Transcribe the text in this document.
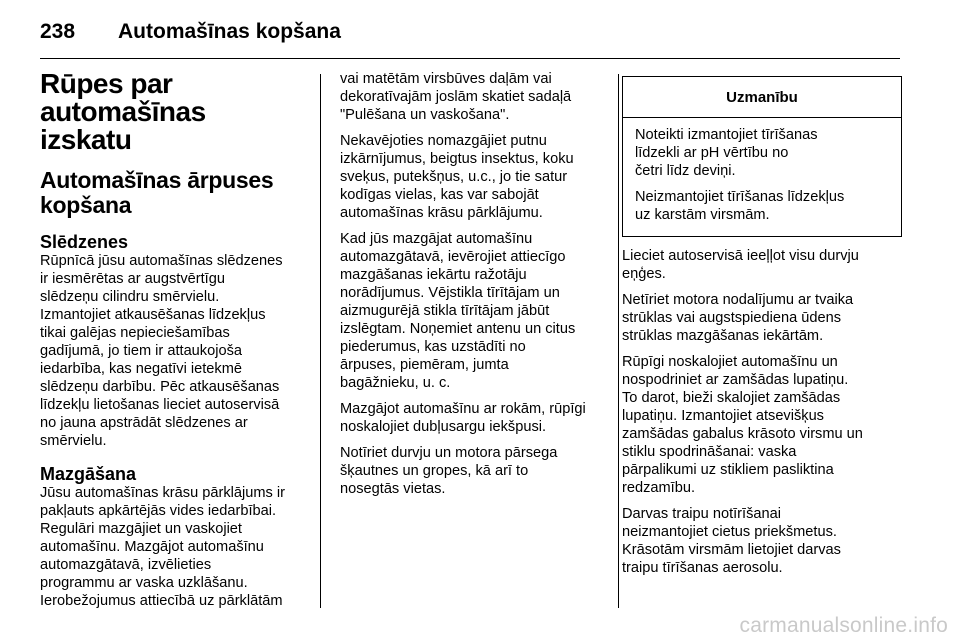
238	Automašīnas kopšana
Rūpes par automašīnas
izskatu
Automašīnas ārpuses
kopšana
Slēdzenes

Rūpnīcā jūsu automašīnas slēdzenes
ir iesmērētas ar augstvērtīgu
slēdzeņu cilindru smērvielu.
Izmantojiet atkausēšanas līdzekļus
tikai galējas nepieciešamības
gadījumā, jo tiem ir attaukojoša
iedarbība, kas negatīvi ietekmē
slēdzeņu darbību. Pēc atkausēšanas
līdzekļu lietošanas lieciet autoservisā
no jauna apstrādāt slēdzenes ar
smērvielu.

Mazgāšana

Jūsu automašīnas krāsu pārklājums ir
pakļauts apkārtējās vides iedarbībai.
Regulāri mazgājiet un vaskojiet
automašīnu. Mazgājot automašīnu
automazgātavā, izvēlieties
programmu ar vaska uzklāšanu.
Ierobežojumus attiecībā uz pārklātām

vai matētām virsbūves daļām vai
dekoratīvajām joslām skatiet sadaļā
"Pulēšana un vaskošana".

Nekavējoties nomazgājiet putnu
izkārnījumus, beigtus insektus, koku
sveķus, putekšņus, u.c., jo tie satur
kodīgas vielas, kas var sabojāt
automašīnas krāsu pārklājumu.

Kad jūs mazgājat automašīnu
automazgātavā, ievērojiet attiecīgo
mazgāšanas iekārtu ražotāju
norādījumus. Vējstikla tīrītājam un
aizmugurējā stikla tīrītājam jābūt
izslēgtam. Noņemiet antenu un citus
piederumus, kas uzstādīti no
ārpuses, piemēram, jumta
bagāžnieku, u. c.

Mazgājot automašīnu ar rokām, rūpīgi
noskalojiet dubļusargu iekšpusi.

Notīriet durvju un motora pārsega
šķautnes un gropes, kā arī to
nosegtās vietas.

Uzmanību

Noteikti izmantojiet tīrīšanas
līdzekli ar pH vērtību no
četri līdz deviņi.

Neizmantojiet tīrīšanas līdzekļus
uz karstām virsmām.

Lieciet autoservisā ieeļļot visu durvju
eņģes.

Netīriet motora nodalījumu ar tvaika
strūklas vai augstspiediena ūdens
strūklas mazgāšanas iekārtām.

Rūpīgi noskalojiet automašīnu un
nospodriniet ar zamšādas lupatiņu.
To darot, bieži skalojiet zamšādas
lupatiņu. Izmantojiet atsevišķus
zamšādas gabalus krāsoto virsmu un
stiklu spodrināšanai: vaska
pārpalikumi uz stikliem pasliktina
redzamību.

Darvas traipu notīrīšanai
neizmantojiet cietus priekšmetus.
Krāsotām virsmām lietojiet darvas
traipu tīrīšanas aerosolu.

carmanualsonline.info
